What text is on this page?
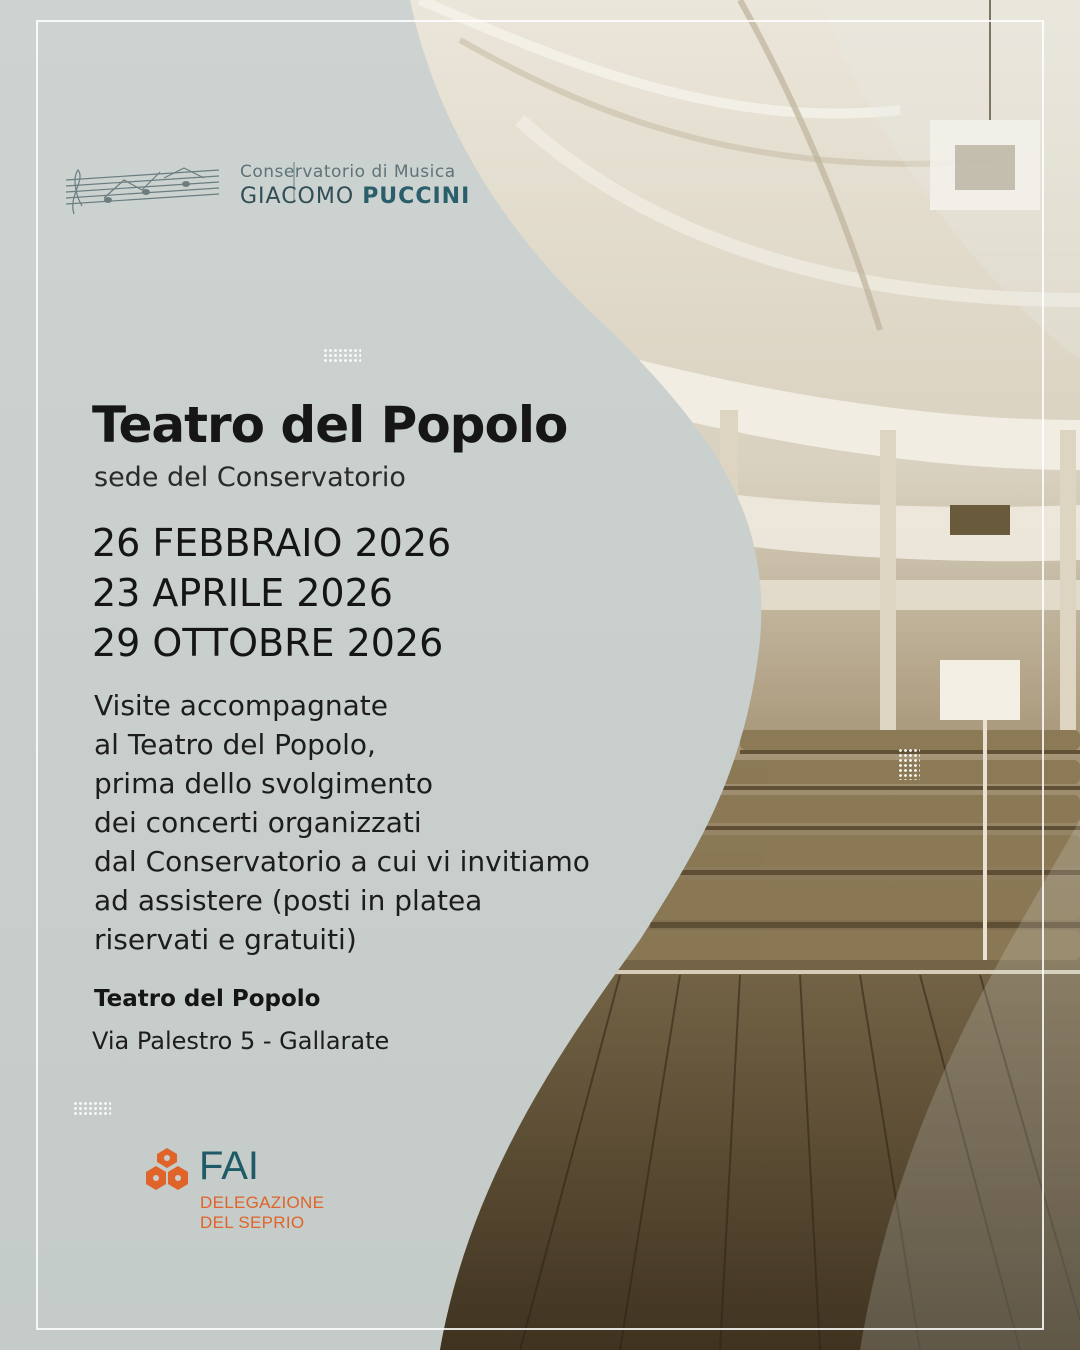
Conservatorio di Musica
GIACOMO PUCCINI
Teatro del Popolo
sede del Conservatorio
26 FEBBRAIO 2026
23 APRILE 2026
29 OTTOBRE 2026
Visite accompagnate
al Teatro del Popolo,
prima dello svolgimento
dei concerti organizzati
dal Conservatorio a cui vi invitiamo
ad assistere (posti in platea
riservati e gratuiti)
Teatro del Popolo
Via Palestro 5 - Gallarate
FAI
DELEGAZIONE
DEL SEPRIO
